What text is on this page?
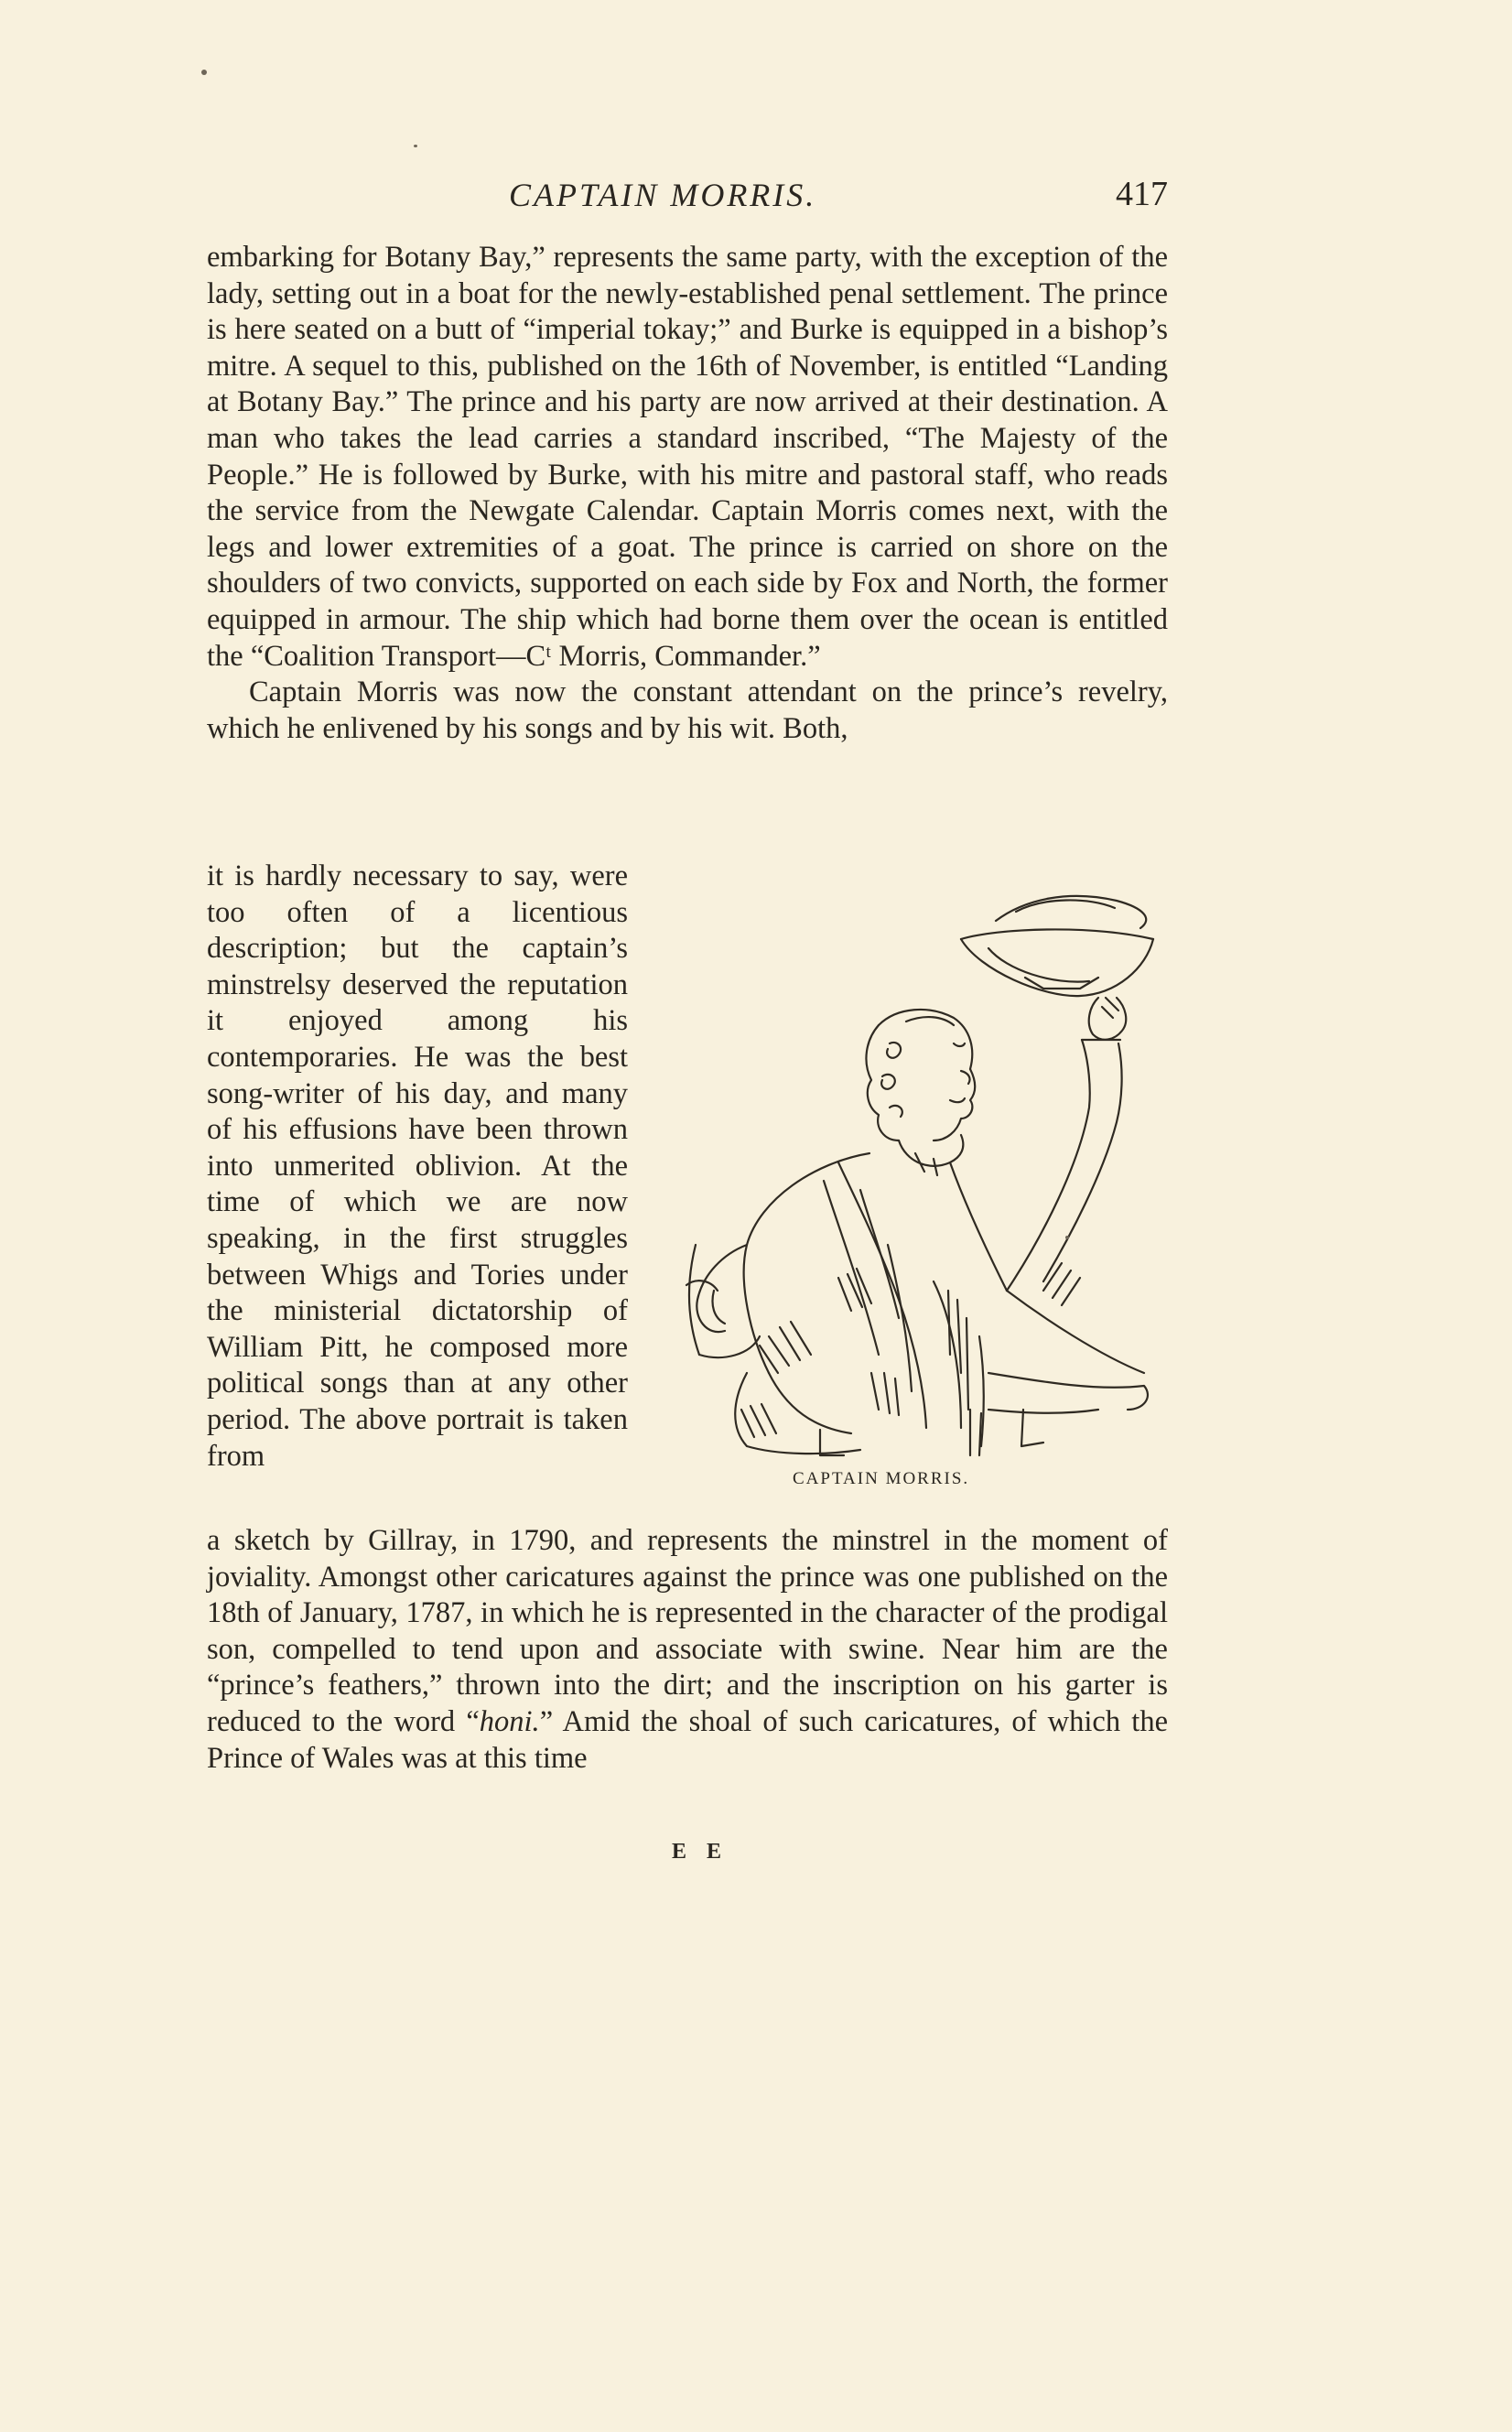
CAPTAIN MORRIS.	417

embarking for Botany Bay,” represents the same party, with the exception of the lady, setting out in a boat for the newly-established penal settlement. The prince is here seated on a butt of “imperial tokay;” and Burke is equipped in a bishop’s mitre. A sequel to this, published on the 16th of November, is entitled “Landing at Botany Bay.” The prince and his party are now arrived at their destination. A man who takes the lead carries a standard inscribed, “The Majesty of the People.” He is followed by Burke, with his mitre and pastoral staff, who reads the service from the Newgate Calendar. Captain Morris comes next, with the legs and lower extremities of a goat. The prince is carried on shore on the shoulders of two convicts, supported on each side by Fox and North, the former equipped in armour. The ship which had borne them over the ocean is entitled the “Coalition Transport—Cᵗ Morris, Commander.”

Captain Morris was now the constant attendant on the prince’s revelry, which he enlivened by his songs and by his wit. Both,

it is hardly necessary to say, were too often of a licentious description; but the captain’s minstrelsy deserved the reputation it enjoyed among his contemporaries. He was the best song-writer of his day, and many of his effusions have been thrown into unmerited oblivion. At the time of which we are now speaking, in the first struggles between Whigs and Tories under the ministerial dictatorship of William Pitt, he composed more political songs than at any other period. The above portrait is taken from

CAPTAIN MORRIS.

a sketch by Gillray, in 1790, and represents the minstrel in the moment of joviality. Amongst other caricatures against the prince was one published on the 18th of January, 1787, in which he is represented in the character of the prodigal son, compelled to tend upon and associate with swine. Near him are the “prince’s feathers,” thrown into the dirt; and the inscription on his garter is reduced to the word “honi.” Amid the shoal of such caricatures, of which the Prince of Wales was at this time

E E
